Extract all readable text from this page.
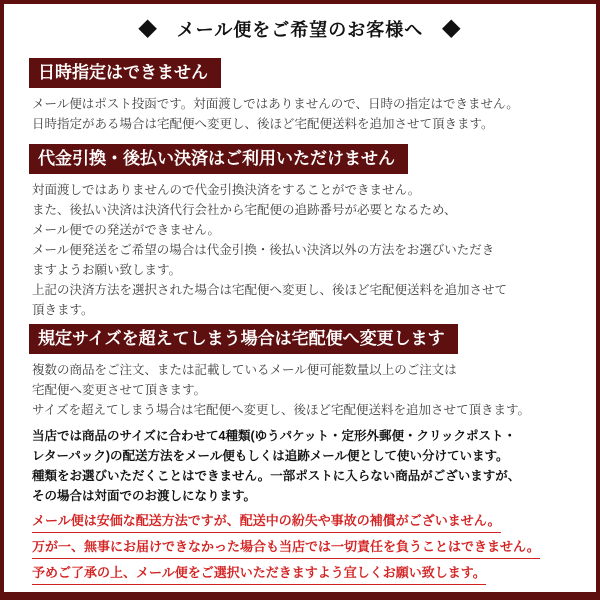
◆　メール便をご希望のお客様へ　◆
日時指定はできません
メール便はポスト投函です。対面渡しではありませんので、日時の指定はできません。
日時指定がある場合は宅配便へ変更し、後ほど宅配便送料を追加させて頂きます。
代金引換・後払い決済はご利用いただけません
対面渡しではありませんので代金引換決済をすることができません。
また、後払い決済は決済代行会社から宅配便の追跡番号が必要となるため、
メール便での発送ができません。
メール便発送をご希望の場合は代金引換・後払い決済以外の方法をお選びいただき
ますようお願い致します。
上記の決済方法を選択された場合は宅配便へ変更し、後ほど宅配便送料を追加させて
頂きます。
規定サイズを超えてしまう場合は宅配便へ変更します
複数の商品をご注文、または記載しているメール便可能数量以上のご注文は
宅配便へ変更させて頂きます。
サイズを超えてしまう場合は宅配便へ変更し、後ほど宅配便送料を追加させて頂きます。
当店では商品のサイズに合わせて4種類(ゆうパケット・定形外郵便・クリックポスト・
レターパック)の配送方法をメール便もしくは追跡メール便として使い分けています。
種類をお選びいただくことはできません。一部ポストに入らない商品がございますが、
その場合は対面でのお渡しになります。
メール便は安価な配送方法ですが、配送中の紛失や事故の補償がございません。
万が一、無事にお届けできなかった場合も当店では一切責任を負うことはできません。
予めご了承の上、メール便をご選択いただきますよう宜しくお願い致します。
